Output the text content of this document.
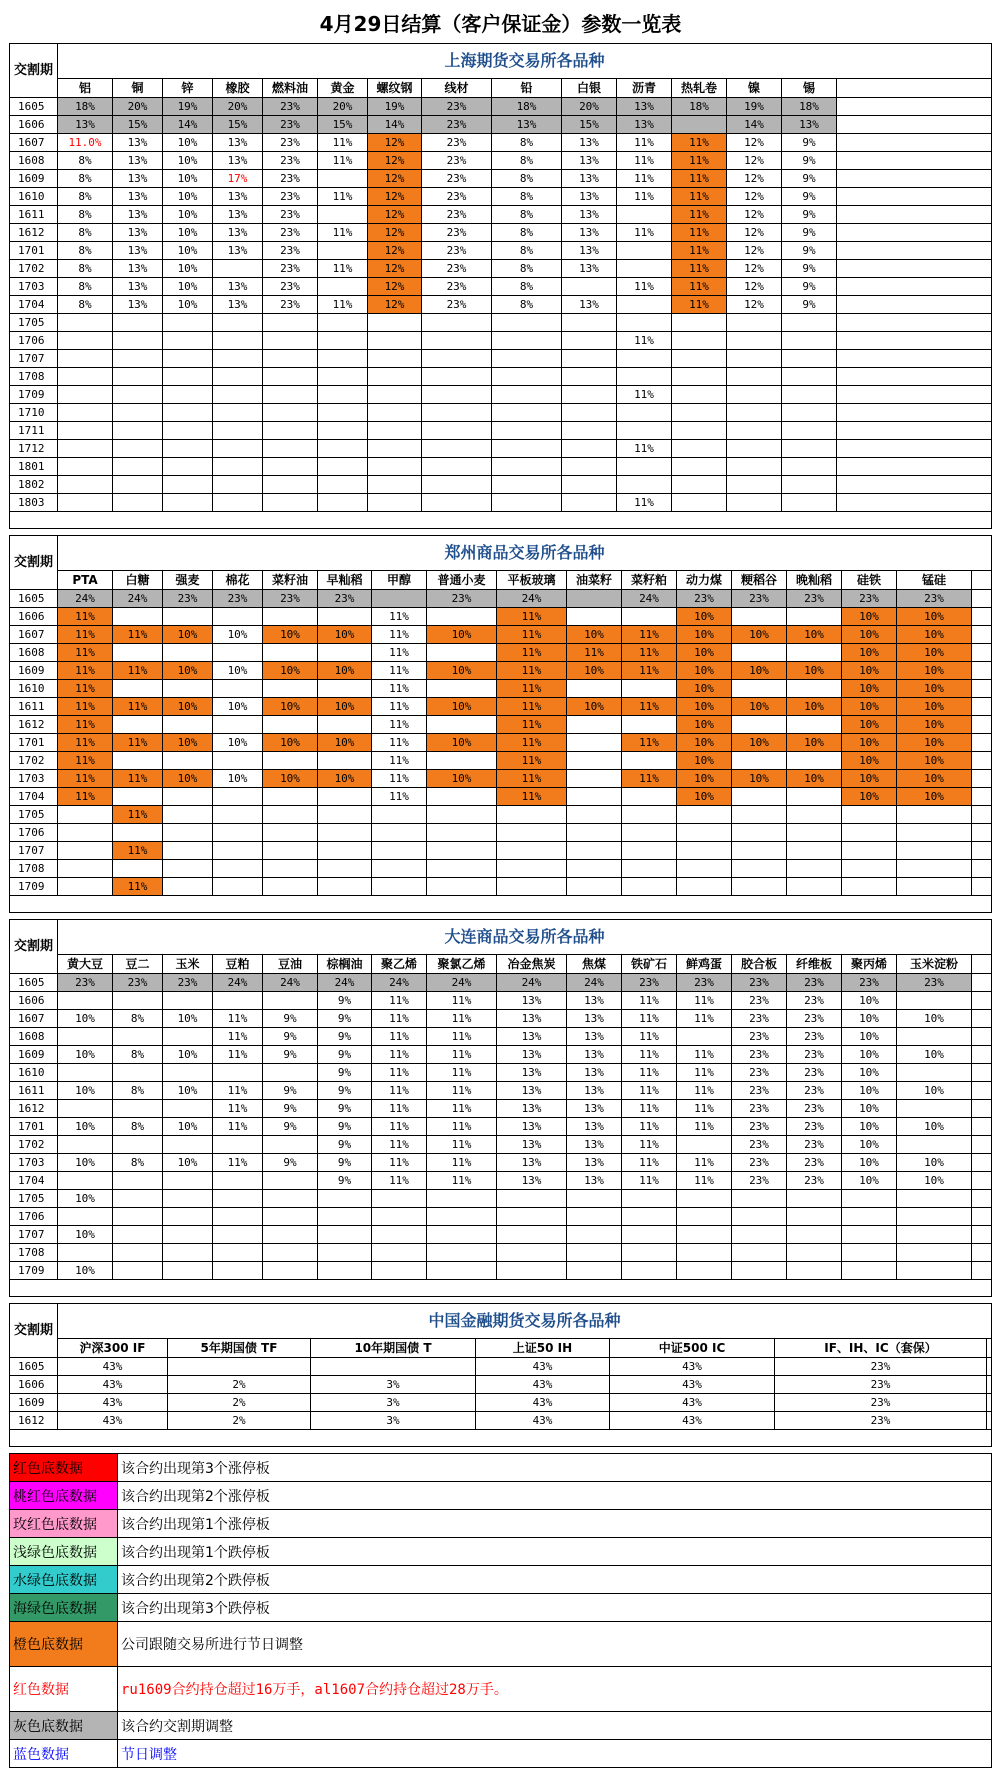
4月29日结算（客户保证金）参数一览表
交割期	上海期货交易所各品种														
	铝	铜	锌	橡胶	燃料油	黄金	螺纹钢	线材	铅	白银	沥青	热轧卷	镍	锡	
1605	18%	20%	19%	20%	23%	20%	19%	23%	18%	20%	13%	18%	19%	18%	
1606	13%	15%	14%	15%	23%	15%	14%	23%	13%	15%	13%		14%	13%	
1607	11.0%	13%	10%	13%	23%	11%	12%	23%	8%	13%	11%	11%	12%	9%	
1608	8%	13%	10%	13%	23%	11%	12%	23%	8%	13%	11%	11%	12%	9%	
1609	8%	13%	10%	17%	23%		12%	23%	8%	13%	11%	11%	12%	9%	
1610	8%	13%	10%	13%	23%	11%	12%	23%	8%	13%	11%	11%	12%	9%	
1611	8%	13%	10%	13%	23%		12%	23%	8%	13%		11%	12%	9%	
1612	8%	13%	10%	13%	23%	11%	12%	23%	8%	13%	11%	11%	12%	9%	
1701	8%	13%	10%	13%	23%		12%	23%	8%	13%		11%	12%	9%	
1702	8%	13%	10%		23%	11%	12%	23%	8%	13%		11%	12%	9%	
1703	8%	13%	10%	13%	23%		12%	23%	8%		11%	11%	12%	9%	
1704	8%	13%	10%	13%	23%	11%	12%	23%	8%	13%		11%	12%	9%	
1705															
1706											11%				
1707															
1708															
1709											11%				
1710															
1711															
1712											11%				
1801															
1802															
1803											11%				

交割期	郑州商品交易所各品种																
	PTA	白糖	强麦	棉花	菜籽油	早籼稻	甲醇	普通小麦	平板玻璃	油菜籽	菜籽粕	动力煤	粳稻谷	晚籼稻	硅铁	锰硅	
1605	24%	24%	23%	23%	23%	23%		23%	24%		24%	23%	23%	23%	23%	23%	
1606	11%						11%		11%			10%			10%	10%	
1607	11%	11%	10%	10%	10%	10%	11%	10%	11%	10%	11%	10%	10%	10%	10%	10%	
1608	11%						11%		11%	11%	11%	10%			10%	10%	
1609	11%	11%	10%	10%	10%	10%	11%	10%	11%	10%	11%	10%	10%	10%	10%	10%	
1610	11%						11%		11%			10%			10%	10%	
1611	11%	11%	10%	10%	10%	10%	11%	10%	11%	10%	11%	10%	10%	10%	10%	10%	
1612	11%						11%		11%			10%			10%	10%	
1701	11%	11%	10%	10%	10%	10%	11%	10%	11%		11%	10%	10%	10%	10%	10%	
1702	11%						11%		11%			10%			10%	10%	
1703	11%	11%	10%	10%	10%	10%	11%	10%	11%		11%	10%	10%	10%	10%	10%	
1704	11%						11%		11%			10%			10%	10%	
1705		11%															
1706																	
1707		11%															
1708																	
1709		11%															

交割期	大连商品交易所各品种																
	黄大豆	豆二	玉米	豆粕	豆油	棕榈油	聚乙烯	聚氯乙烯	冶金焦炭	焦煤	铁矿石	鲜鸡蛋	胶合板	纤维板	聚丙烯	玉米淀粉	
1605	23%	23%	23%	24%	24%	24%	24%	24%	24%	24%	23%	23%	23%	23%	23%	23%	
1606						9%	11%	11%	13%	13%	11%	11%	23%	23%	10%		
1607	10%	8%	10%	11%	9%	9%	11%	11%	13%	13%	11%	11%	23%	23%	10%	10%	
1608				11%	9%	9%	11%	11%	13%	13%	11%		23%	23%	10%		
1609	10%	8%	10%	11%	9%	9%	11%	11%	13%	13%	11%	11%	23%	23%	10%	10%	
1610						9%	11%	11%	13%	13%	11%	11%	23%	23%	10%		
1611	10%	8%	10%	11%	9%	9%	11%	11%	13%	13%	11%	11%	23%	23%	10%	10%	
1612				11%	9%	9%	11%	11%	13%	13%	11%	11%	23%	23%	10%		
1701	10%	8%	10%	11%	9%	9%	11%	11%	13%	13%	11%	11%	23%	23%	10%	10%	
1702						9%	11%	11%	13%	13%	11%		23%	23%	10%		
1703	10%	8%	10%	11%	9%	9%	11%	11%	13%	13%	11%	11%	23%	23%	10%	10%	
1704						9%	11%	11%	13%	13%	11%	11%	23%	23%	10%	10%	
1705	10%																
1706																	
1707	10%																
1708																	
1709	10%																

交割期	中国金融期货交易所各品种						
	沪深300 IF	5年期国债 TF	10年期国债 T	上证50 IH	中证500 IC	IF、IH、IC（套保）	
1605	43%			43%	43%	23%	
1606	43%	2%	3%	43%	43%	23%	
1609	43%	2%	3%	43%	43%	23%	
1612	43%	2%	3%	43%	43%	23%	

红色底数据	该合约出现第3个涨停板
桃红色底数据	该合约出现第2个涨停板
玫红色底数据	该合约出现第1个涨停板
浅绿色底数据	该合约出现第1个跌停板
水绿色底数据	该合约出现第2个跌停板
海绿色底数据	该合约出现第3个跌停板
橙色底数据	公司跟随交易所进行节日调整
红色数据	ru1609合约持仓超过16万手，al1607合约持仓超过28万手。
灰色底数据	该合约交割期调整
蓝色数据	节日调整
